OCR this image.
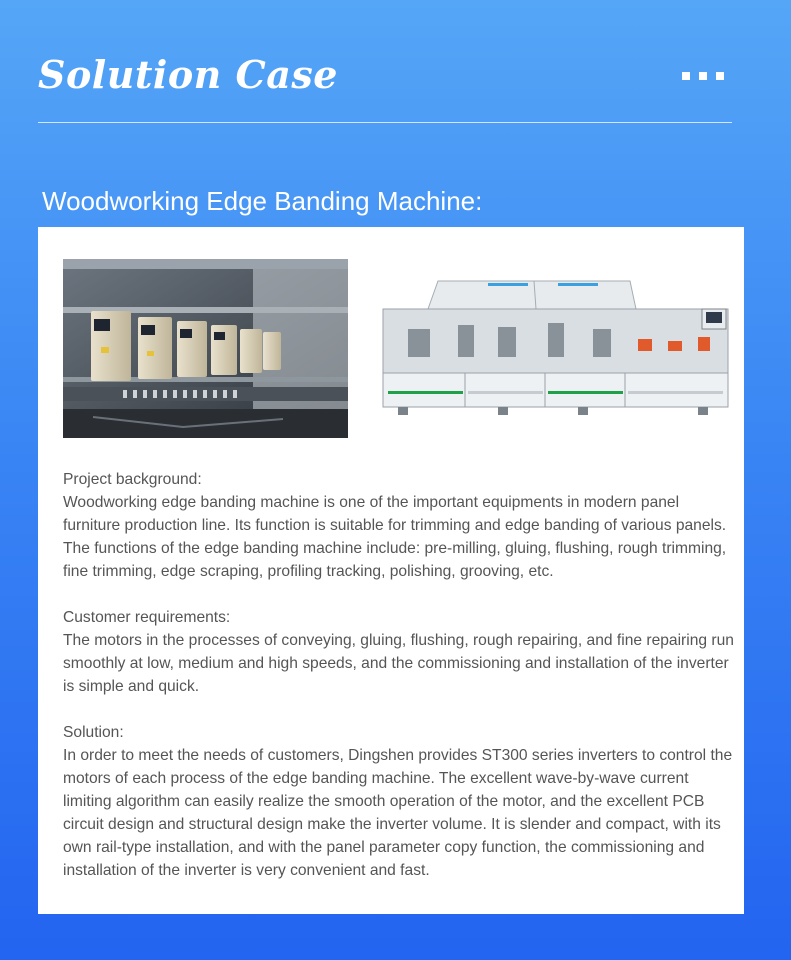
Solution Case
Woodworking Edge Banding Machine:
Project background:
Woodworking edge banding machine is one of the important equipments in modern panel furniture production line. Its function is suitable for trimming and edge banding of various panels. The functions of the edge banding machine include: pre-milling, gluing, flushing, rough trimming, fine trimming, edge scraping, profiling tracking, polishing, grooving, etc.
Customer requirements:
The motors in the processes of conveying, gluing, flushing, rough repairing, and fine repairing run smoothly at low, medium and high speeds, and the commissioning and installation of the inverter is simple and quick.
Solution:
In order to meet the needs of customers, Dingshen provides ST300 series inverters to control the motors of each process of the edge banding machine. The excellent wave-by-wave current limiting algorithm can easily realize the smooth operation of the motor, and the excellent PCB circuit design and structural design make the inverter volume. It is slender and compact, with its own rail-type installation, and with the panel parameter copy function, the commissioning and installation of the inverter is very convenient and fast.
